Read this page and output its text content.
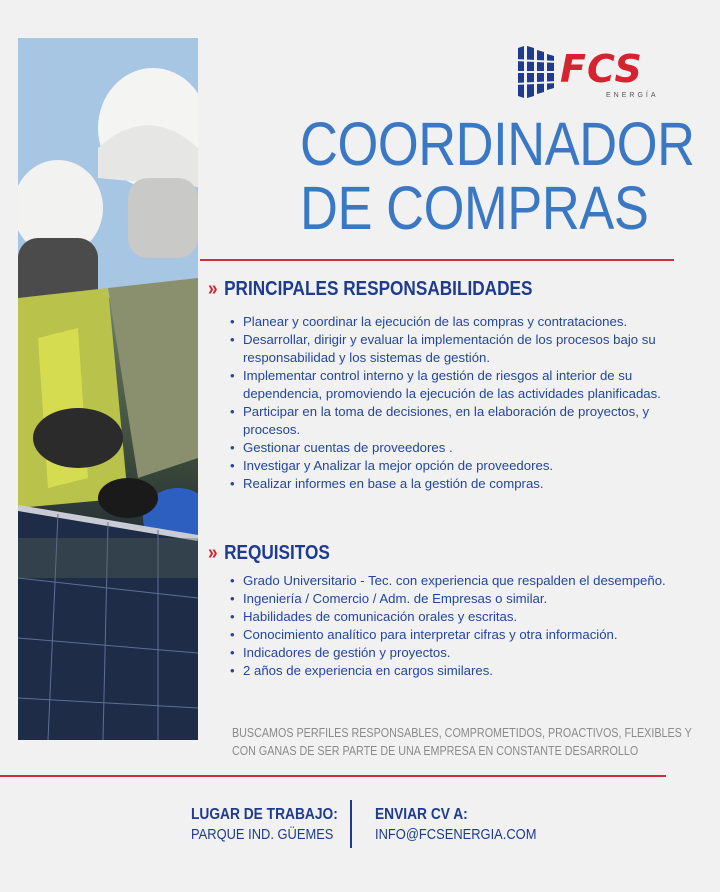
FCS
ENERGÍA
COORDINADOR
DE COMPRAS
» PRINCIPALES RESPONSABILIDADES
• Planear y coordinar la ejecución de las compras y contrataciones.
• Desarrollar, dirigir y evaluar la implementación de los procesos bajo su responsabilidad y los sistemas de gestión.
• Implementar control interno y la gestión de riesgos al interior de su dependencia, promoviendo la ejecución de las actividades planificadas.
• Participar en la toma de decisiones, en la elaboración de proyectos, y procesos.
• Gestionar cuentas de proveedores .
• Investigar y Analizar la mejor opción de proveedores.
• Realizar informes en base a la gestión de compras.
» REQUISITOS
• Grado Universitario - Tec. con experiencia que respalden el desempeño.
• Ingeniería / Comercio / Adm. de Empresas o similar.
• Habilidades de comunicación orales y escritas.
• Conocimiento analítico para interpretar cifras y otra información.
• Indicadores de gestión y proyectos.
• 2 años de experiencia en cargos similares.
BUSCAMOS PERFILES RESPONSABLES, COMPROMETIDOS, PROACTIVOS, FLEXIBLES Y
CON GANAS DE SER PARTE DE UNA EMPRESA EN CONSTANTE DESARROLLO
LUGAR DE TRABAJO:
PARQUE IND. GÜEMES
ENVIAR CV A:
INFO@FCSENERGIA.COM
